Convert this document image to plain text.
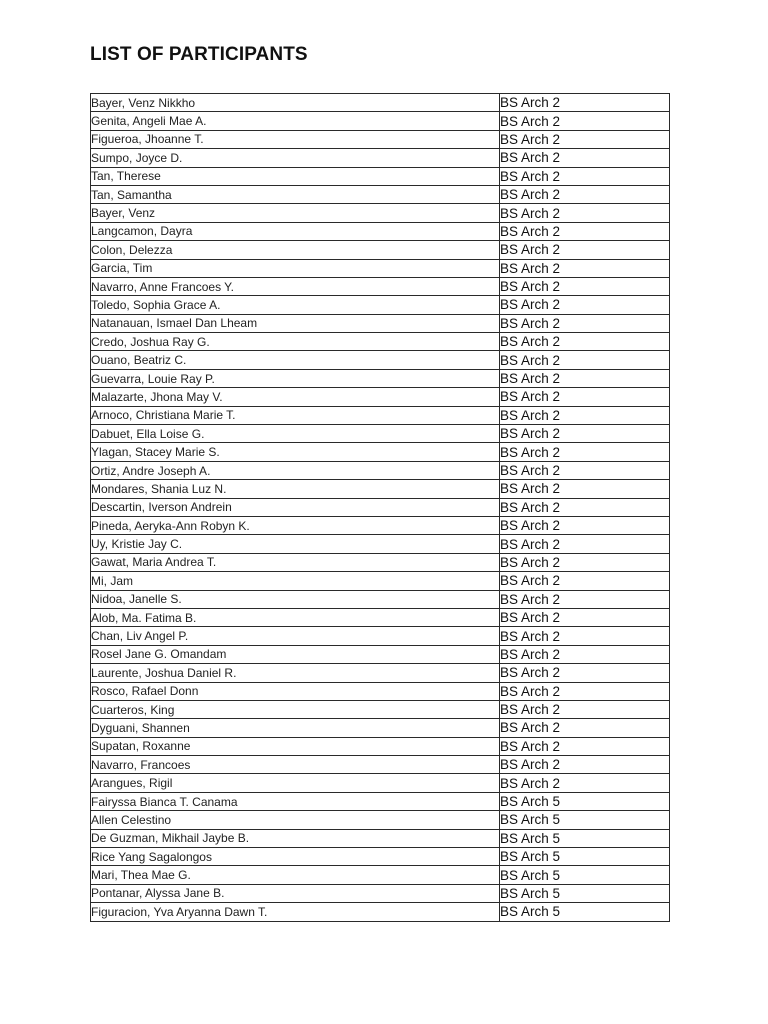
LIST OF PARTICIPANTS
Bayer, Venz Nikkho	BS Arch 2
Genita, Angeli Mae A.	BS Arch 2
Figueroa, Jhoanne T.	BS Arch 2
Sumpo, Joyce D.	BS Arch 2
Tan, Therese	BS Arch 2
Tan, Samantha	BS Arch 2
Bayer, Venz	BS Arch 2
Langcamon, Dayra	BS Arch 2
Colon, Delezza	BS Arch 2
Garcia, Tim	BS Arch 2
Navarro, Anne Francoes Y.	BS Arch 2
Toledo, Sophia Grace A.	BS Arch 2
Natanauan, Ismael Dan Lheam	BS Arch 2
Credo, Joshua Ray G.	BS Arch 2
Ouano, Beatriz C.	BS Arch 2
Guevarra, Louie Ray P.	BS Arch 2
Malazarte, Jhona May V.	BS Arch 2
Arnoco, Christiana Marie T.	BS Arch 2
Dabuet, Ella Loise G.	BS Arch 2
Ylagan, Stacey Marie S.	BS Arch 2
Ortiz, Andre Joseph A.	BS Arch 2
Mondares, Shania Luz N.	BS Arch 2
Descartin, Iverson Andrein	BS Arch 2
Pineda, Aeryka-Ann Robyn K.	BS Arch 2
Uy, Kristie Jay C.	BS Arch 2
Gawat, Maria Andrea T.	BS Arch 2
Mi, Jam	BS Arch 2
Nidoa, Janelle S.	BS Arch 2
Alob, Ma. Fatima B.	BS Arch 2
Chan, Liv Angel P.	BS Arch 2
Rosel Jane G. Omandam	BS Arch 2
Laurente, Joshua Daniel R.	BS Arch 2
Rosco, Rafael Donn	BS Arch 2
Cuarteros, King	BS Arch 2
Dyguani, Shannen	BS Arch 2
Supatan, Roxanne	BS Arch 2
Navarro, Francoes	BS Arch 2
Arangues, Rigil	BS Arch 2
Fairyssa Bianca T. Canama	BS Arch 5
Allen Celestino	BS Arch 5
De Guzman, Mikhail Jaybe B.	BS Arch 5
Rice Yang Sagalongos	BS Arch 5
Mari, Thea Mae G.	BS Arch 5
Pontanar, Alyssa Jane B.	BS Arch 5
Figuracion, Yva Aryanna Dawn T.	BS Arch 5
